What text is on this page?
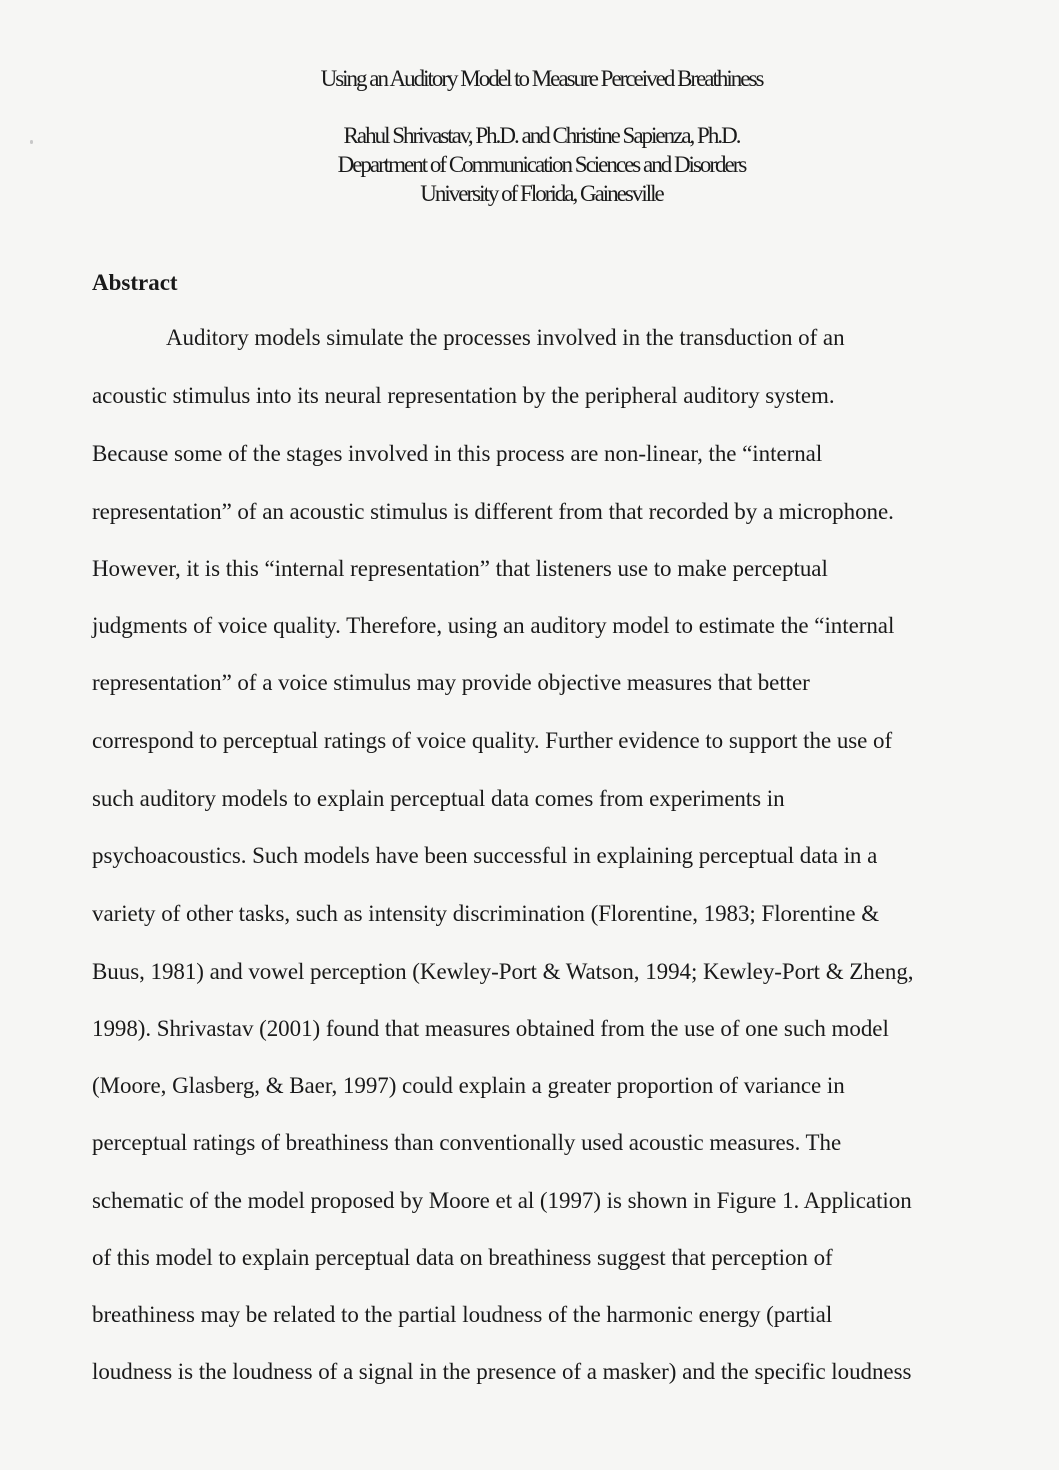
Using an Auditory Model to Measure Perceived Breathiness
Rahul Shrivastav, Ph.D. and Christine Sapienza, Ph.D.
Department of Communication Sciences and Disorders
University of Florida, Gainesville
Abstract
Auditory models simulate the processes involved in the transduction of an
acoustic stimulus into its neural representation by the peripheral auditory system.
Because some of the stages involved in this process are non-linear, the “internal
representation” of an acoustic stimulus is different from that recorded by a microphone.
However, it is this “internal representation” that listeners use to make perceptual
judgments of voice quality. Therefore, using an auditory model to estimate the “internal
representation” of a voice stimulus may provide objective measures that better
correspond to perceptual ratings of voice quality. Further evidence to support the use of
such auditory models to explain perceptual data comes from experiments in
psychoacoustics. Such models have been successful in explaining perceptual data in a
variety of other tasks, such as intensity discrimination (Florentine, 1983; Florentine &
Buus, 1981) and vowel perception (Kewley-Port & Watson, 1994; Kewley-Port & Zheng,
1998). Shrivastav (2001) found that measures obtained from the use of one such model
(Moore, Glasberg, & Baer, 1997) could explain a greater proportion of variance in
perceptual ratings of breathiness than conventionally used acoustic measures. The
schematic of the model proposed by Moore et al (1997) is shown in Figure 1. Application
of this model to explain perceptual data on breathiness suggest that perception of
breathiness may be related to the partial loudness of the harmonic energy (partial
loudness is the loudness of a signal in the presence of a masker) and the specific loudness
